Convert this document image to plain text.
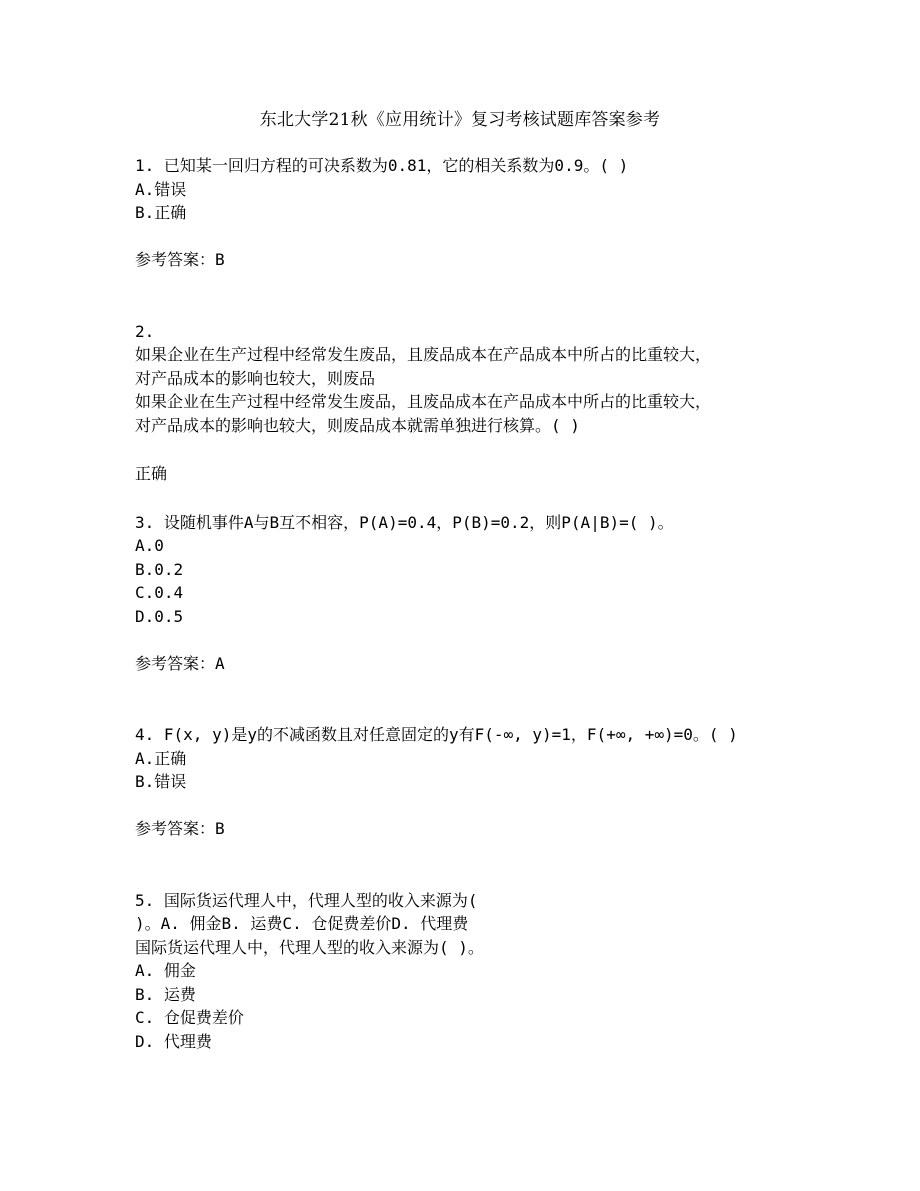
东北大学21秋《应用统计》复习考核试题库答案参考
1. 已知某一回归方程的可决系数为0.81，它的相关系数为0.9。( )
A.错误
B.正确
参考答案：B
2.
如果企业在生产过程中经常发生废品，且废品成本在产品成本中所占的比重较大，
对产品成本的影响也较大，则废品
如果企业在生产过程中经常发生废品，且废品成本在产品成本中所占的比重较大，
对产品成本的影响也较大，则废品成本就需单独进行核算。( )
正确
3. 设随机事件A与B互不相容，P(A)=0.4，P(B)=0.2，则P(A|B)=( )。
A.0
B.0.2
C.0.4
D.0.5
参考答案：A
4. F(x, y)是y的不减函数且对任意固定的y有F(-∞, y)=1，F(+∞, +∞)=0。( )
A.正确
B.错误
参考答案：B
5. 国际货运代理人中，代理人型的收入来源为(
)。A. 佣金B. 运费C. 仓促费差价D. 代理费
国际货运代理人中，代理人型的收入来源为( )。
A. 佣金
B. 运费
C. 仓促费差价
D. 代理费
